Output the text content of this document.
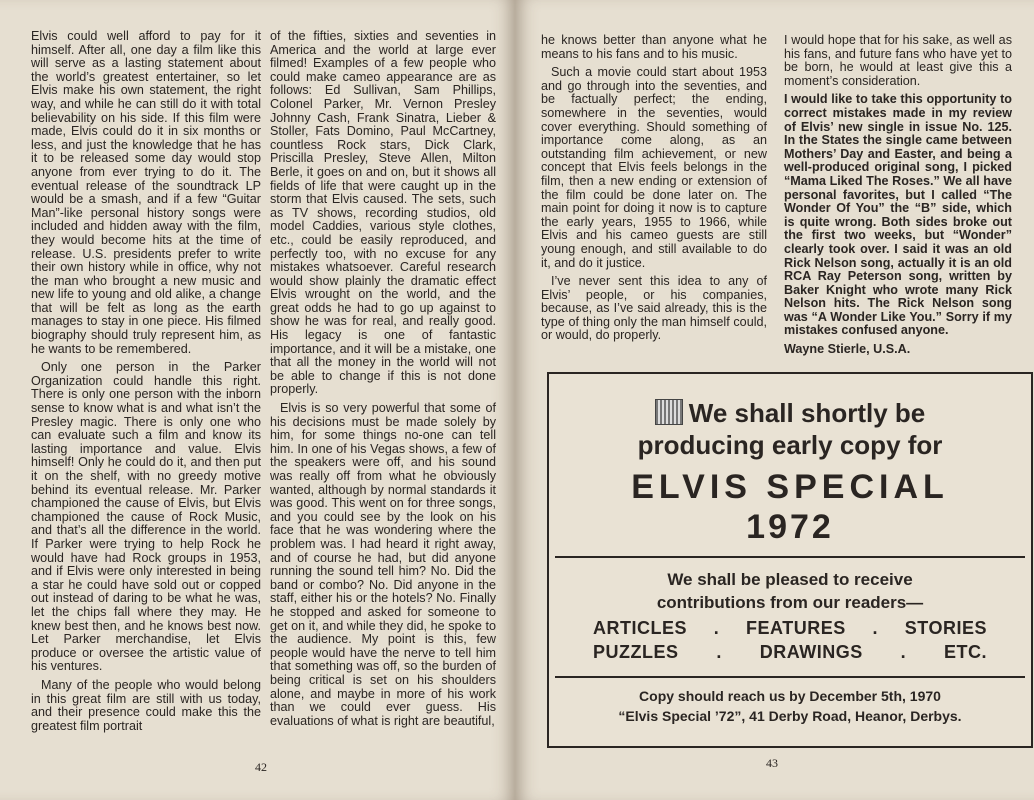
Elvis could well afford to pay for it himself. After all, one day a film like this will serve as a lasting statement about the world’s greatest entertainer, so let Elvis make his own statement, the right way, and while he can still do it with total believability on his side. If this film were made, Elvis could do it in six months or less, and just the knowledge that he has it to be released some day would stop anyone from ever trying to do it. The eventual release of the soundtrack LP would be a smash, and if a few “Guitar Man”-like personal history songs were included and hidden away with the film, they would become hits at the time of release. U.S. presidents prefer to write their own history while in office, why not the man who brought a new music and new life to young and old alike, a change that will be felt as long as the earth manages to stay in one piece. His filmed biography should truly represent him, as he wants to be remembered.

Only one person in the Parker Organization could handle this right. There is only one person with the inborn sense to know what is and what isn’t the Presley magic. There is only one who can evaluate such a film and know its lasting importance and value. Elvis himself! Only he could do it, and then put it on the shelf, with no greedy motive behind its eventual release. Mr. Parker championed the cause of Elvis, but Elvis championed the cause of Rock Music, and that’s all the difference in the world. If Parker were trying to help Rock he would have had Rock groups in 1953, and if Elvis were only interested in being a star he could have sold out or copped out instead of daring to be what he was, let the chips fall where they may. He knew best then, and he knows best now. Let Parker merchandise, let Elvis produce or oversee the artistic value of his ventures.

Many of the people who would belong in this great film are still with us today, and their presence could make this the greatest film portrait

of the fifties, sixties and seventies in America and the world at large ever filmed! Examples of a few people who could make cameo appearance are as follows: Ed Sullivan, Sam Phillips, Colonel Parker, Mr. Vernon Presley Johnny Cash, Frank Sinatra, Lieber & Stoller, Fats Domino, Paul McCartney, countless Rock stars, Dick Clark, Priscilla Presley, Steve Allen, Milton Berle, it goes on and on, but it shows all fields of life that were caught up in the storm that Elvis caused. The sets, such as TV shows, recording studios, old model Caddies, various style clothes, etc., could be easily reproduced, and perfectly too, with no excuse for any mistakes whatsoever. Careful research would show plainly the dramatic effect Elvis wrought on the world, and the great odds he had to go up against to show he was for real, and really good. His legacy is one of fantastic importance, and it will be a mistake, one that all the money in the world will not be able to change if this is not done properly.

Elvis is so very powerful that some of his decisions must be made solely by him, for some things no-one can tell him. In one of his Vegas shows, a few of the speakers were off, and his sound was really off from what he obviously wanted, although by normal standards it was good. This went on for three songs, and you could see by the look on his face that he was wondering where the problem was. I had heard it right away, and of course he had, but did anyone running the sound tell him? No. Did the band or combo? No. Did anyone in the staff, either his or the hotels? No. Finally he stopped and asked for someone to get on it, and while they did, he spoke to the audience. My point is this, few people would have the nerve to tell him that something was off, so the burden of being critical is set on his shoulders alone, and maybe in more of his work than we could ever guess. His evaluations of what is right are beautiful,

42

he knows better than anyone what he means to his fans and to his music.

Such a movie could start about 1953 and go through into the seventies, and be factually perfect; the ending, somewhere in the seventies, would cover everything. Should something of importance come along, as an outstanding film achievement, or new concept that Elvis feels belongs in the film, then a new ending or extension of the film could be done later on. The main point for doing it now is to capture the early years, 1955 to 1966, while Elvis and his cameo guests are still young enough, and still available to do it, and do it justice.

I’ve never sent this idea to any of Elvis’ people, or his companies, because, as I’ve said already, this is the type of thing only the man himself could, or would, do properly.

I would hope that for his sake, as well as his fans, and future fans who have yet to be born, he would at least give this a moment’s consideration.

I would like to take this opportunity to correct mistakes made in my review of Elvis’ new single in issue No. 125. In the States the single came between Mothers’ Day and Easter, and being a well-produced original song, I picked “Mama Liked The Roses.” We all have personal favorites, but I called “The Wonder Of You” the “B” side, which is quite wrong. Both sides broke out the first two weeks, but “Wonder” clearly took over. I said it was an old Rick Nelson song, actually it is an old RCA Ray Peterson song, written by Baker Knight who wrote many Rick Nelson hits. The Rick Nelson song was “A Wonder Like You.” Sorry if my mistakes confused anyone.

Wayne Stierle, U.S.A.

We shall shortly be
producing early copy for
ELVIS SPECIAL
1972
We shall be pleased to receive
contributions from our readers—
ARTICLES . FEATURES . STORIES
PUZZLES . DRAWINGS . ETC.
Copy should reach us by December 5th, 1970
“Elvis Special ’72”, 41 Derby Road, Heanor, Derbys.
43
